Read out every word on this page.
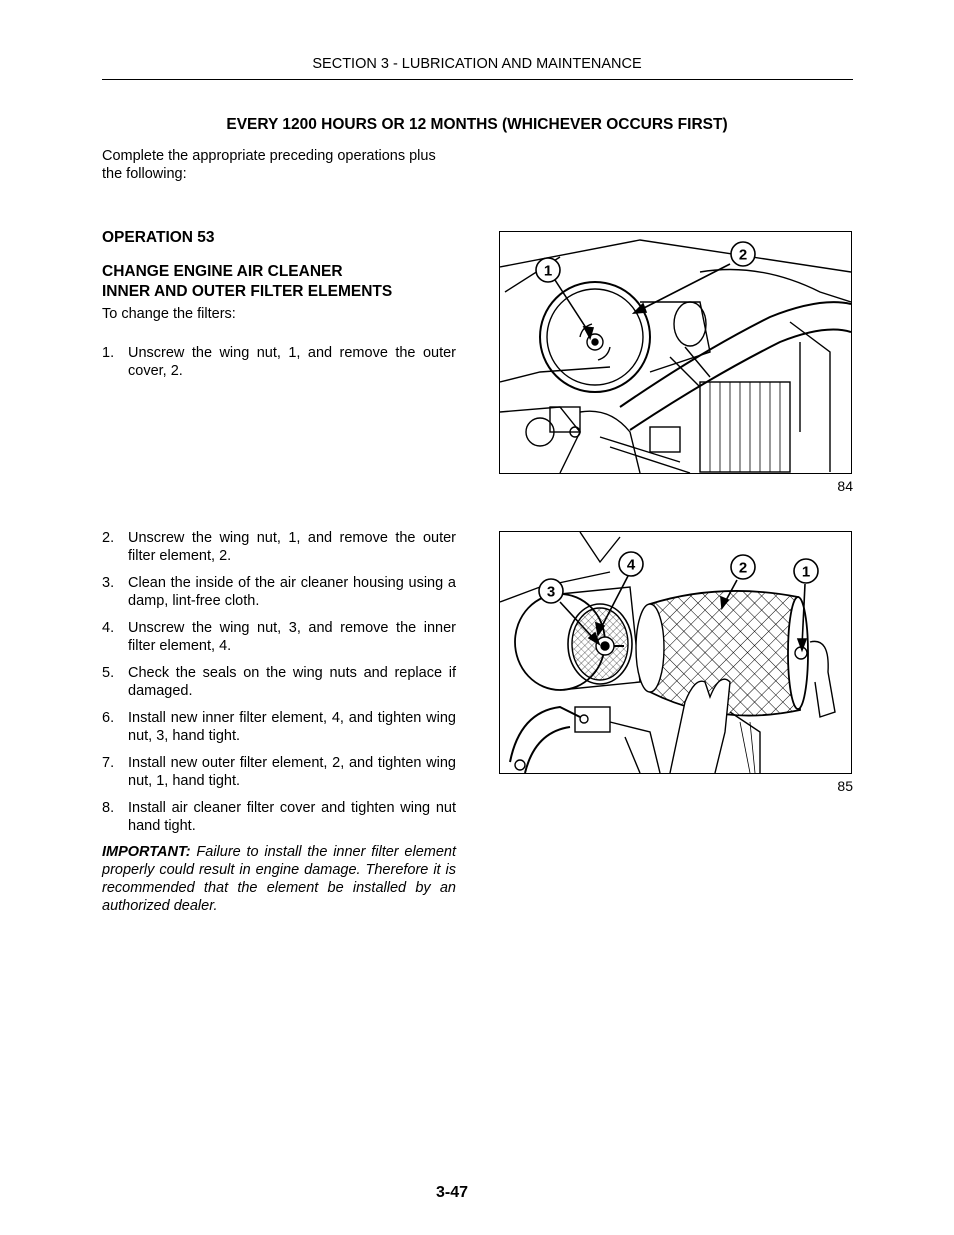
SECTION 3 - LUBRICATION AND MAINTENANCE
EVERY 1200 HOURS OR 12 MONTHS (WHICHEVER OCCURS FIRST)
Complete the appropriate preceding operations plus the following:
OPERATION 53
CHANGE ENGINE AIR CLEANER
INNER AND OUTER FILTER ELEMENTS
To change the filters:
1. Unscrew the wing nut, 1, and remove the outer cover, 2.
2. Unscrew the wing nut, 1, and remove the outer filter element, 2.
3. Clean the inside of the air cleaner housing using a damp, lint-free cloth.
4. Unscrew the wing nut, 3, and remove the inner filter element, 4.
5. Check the seals on the wing nuts and replace if damaged.
6. Install new inner filter element, 4, and tighten wing nut, 3, hand tight.
7. Install new outer filter element, 2, and tighten wing nut, 1, hand tight.
8. Install air cleaner filter cover and tighten wing nut hand tight.
IMPORTANT: Failure to install the inner filter element properly could result in engine damage. Therefore it is recommended that the element be installed by an authorized dealer.
1
2
84
4	2	1
3
85
3-47
